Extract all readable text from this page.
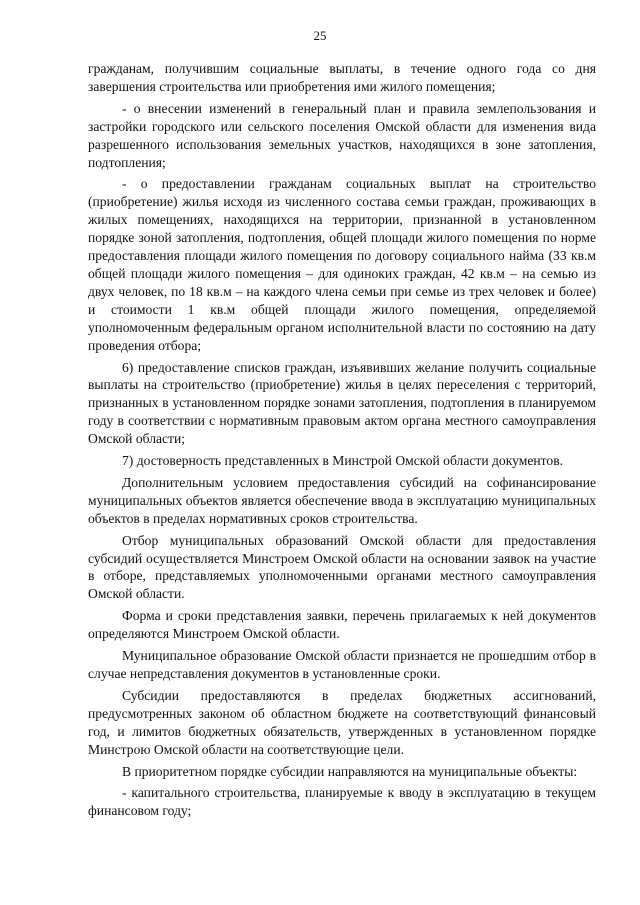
25

гражданам, получившим социальные выплаты, в течение одного года со дня завершения строительства или приобретения ими жилого помещения;

- о внесении изменений в генеральный план и правила землепользования и застройки городского или сельского поселения Омской области для изменения вида разрешенного использования земельных участков, находящихся в зоне затопления, подтопления;

- о предоставлении гражданам социальных выплат на строительство (приобретение) жилья исходя из численного состава семьи граждан, проживающих в жилых помещениях, находящихся на территории, признанной в установленном порядке зоной затопления, подтопления, общей площади жилого помещения по норме предоставления площади жилого помещения по договору социального найма (33 кв.м общей площади жилого помещения – для одиноких граждан, 42 кв.м – на семью из двух человек, по 18 кв.м – на каждого члена семьи при семье из трех человек и более) и стоимости 1 кв.м общей площади жилого помещения, определяемой уполномоченным федеральным органом исполнительной власти по состоянию на дату проведения отбора;

6) предоставление списков граждан, изъявивших желание получить социальные выплаты на строительство (приобретение) жилья в целях переселения с территорий, признанных в установленном порядке зонами затопления, подтопления в планируемом году в соответствии с нормативным правовым актом органа местного самоуправления Омской области;

7) достоверность представленных в Минстрой Омской области документов.

Дополнительным условием предоставления субсидий на софинансирование муниципальных объектов является обеспечение ввода в эксплуатацию муниципальных объектов в пределах нормативных сроков строительства.

Отбор муниципальных образований Омской области для предоставления субсидий осуществляется Минстроем Омской области на основании заявок на участие в отборе, представляемых уполномоченными органами местного самоуправления Омской области.

Форма и сроки представления заявки, перечень прилагаемых к ней документов определяются Минстроем Омской области.

Муниципальное образование Омской области признается не прошедшим отбор в случае непредставления документов в установленные сроки.

Субсидии предоставляются в пределах бюджетных ассигнований, предусмотренных законом об областном бюджете на соответствующий финансовый год, и лимитов бюджетных обязательств, утвержденных в установленном порядке Минстрою Омской области на соответствующие цели.

В приоритетном порядке субсидии направляются на муниципальные объекты:

- капитального строительства, планируемые к вводу в эксплуатацию в текущем финансовом году;
